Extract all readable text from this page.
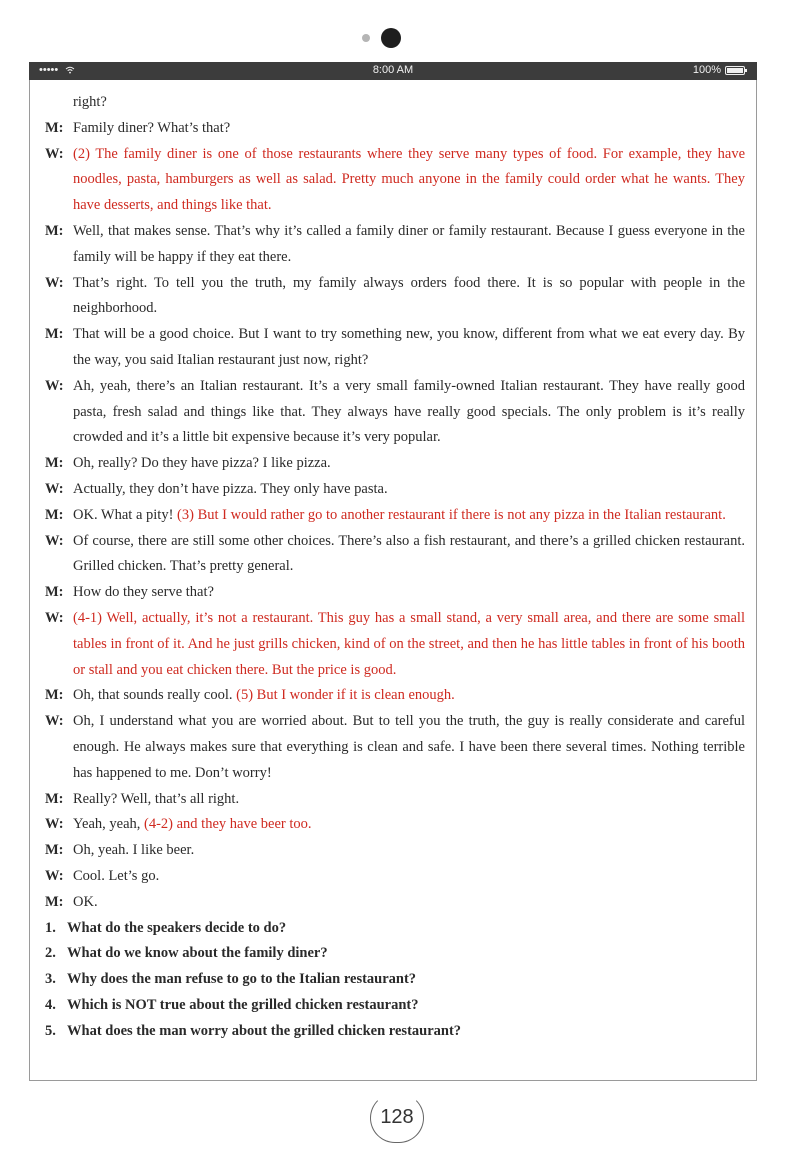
•••••	8:00 AM	100%
right?
M: Family diner? What’s that?
W: (2) The family diner is one of those restaurants where they serve many types of food. For example, they have noodles, pasta, hamburgers as well as salad. Pretty much anyone in the family could order what he wants. They have desserts, and things like that.
M: Well, that makes sense. That’s why it’s called a family diner or family restaurant. Because I guess everyone in the family will be happy if they eat there.
W: That’s right. To tell you the truth, my family always orders food there. It is so popular with people in the neighborhood.
M: That will be a good choice. But I want to try something new, you know, different from what we eat every day. By the way, you said Italian restaurant just now, right?
W: Ah, yeah, there’s an Italian restaurant. It’s a very small family-owned Italian restaurant. They have really good pasta, fresh salad and things like that. They always have really good specials. The only problem is it’s really crowded and it’s a little bit expensive because it’s very popular.
M: Oh, really? Do they have pizza? I like pizza.
W: Actually, they don’t have pizza. They only have pasta.
M: OK. What a pity! (3) But I would rather go to another restaurant if there is not any pizza in the Italian restaurant.
W: Of course, there are still some other choices. There’s also a fish restaurant, and there’s a grilled chicken restaurant. Grilled chicken. That’s pretty general.
M: How do they serve that?
W: (4-1) Well, actually, it’s not a restaurant. This guy has a small stand, a very small area, and there are some small tables in front of it. And he just grills chicken, kind of on the street, and then he has little tables in front of his booth or stall and you eat chicken there. But the price is good.
M: Oh, that sounds really cool. (5) But I wonder if it is clean enough.
W: Oh, I understand what you are worried about. But to tell you the truth, the guy is really considerate and careful enough. He always makes sure that everything is clean and safe. I have been there several times. Nothing terrible has happened to me. Don’t worry!
M: Really? Well, that’s all right.
W: Yeah, yeah, (4-2) and they have beer too.
M: Oh, yeah. I like beer.
W: Cool. Let’s go.
M: OK.
1. What do the speakers decide to do?
2. What do we know about the family diner?
3. Why does the man refuse to go to the Italian restaurant?
4. Which is NOT true about the grilled chicken restaurant?
5. What does the man worry about the grilled chicken restaurant?
128
